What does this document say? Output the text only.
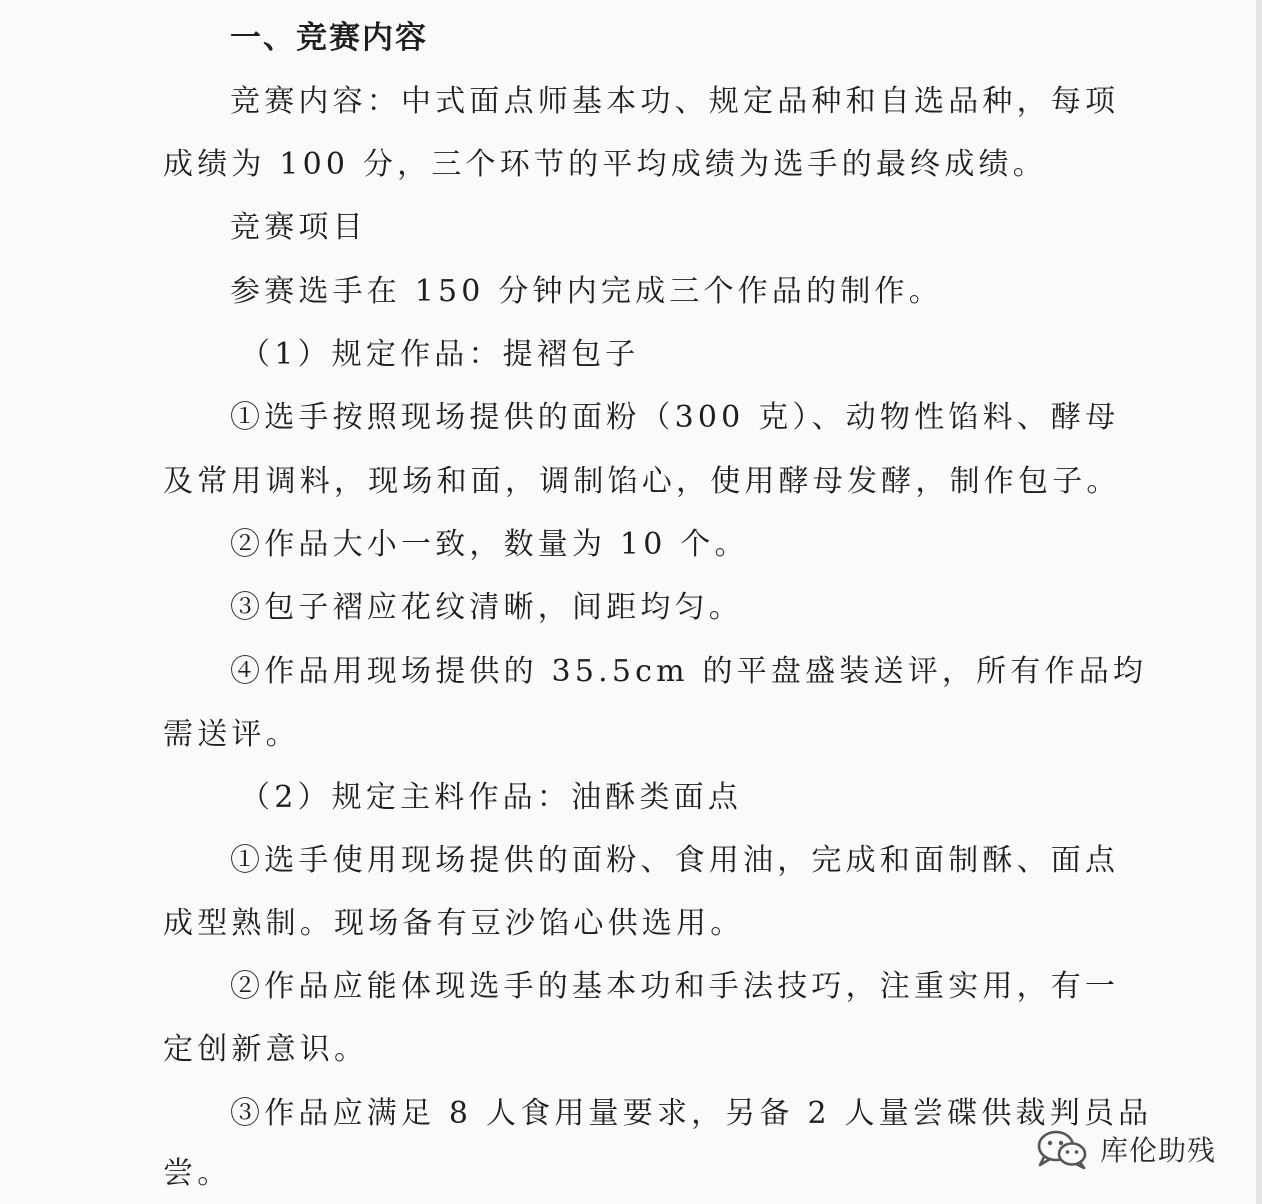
一、竞赛内容

竞赛内容：中式面点师基本功、规定品种和自选品种，每项

成绩为 100 分，三个环节的平均成绩为选手的最终成绩。

竞赛项目

参赛选手在 150 分钟内完成三个作品的制作。

（1）规定作品：提褶包子

①选手按照现场提供的面粉（300 克）、动物性馅料、酵母

及常用调料，现场和面，调制馅心，使用酵母发酵，制作包子。

②作品大小一致，数量为 10 个。

③包子褶应花纹清晰，间距均匀。

④作品用现场提供的 35.5cm 的平盘盛装送评，所有作品均

需送评。

（2）规定主料作品：油酥类面点

①选手使用现场提供的面粉、食用油，完成和面制酥、面点

成型熟制。现场备有豆沙馅心供选用。

②作品应能体现选手的基本功和手法技巧，注重实用，有一

定创新意识。

③作品应满足 8 人食用量要求，另备 2 人量尝碟供裁判员品

尝。

库伦助残
